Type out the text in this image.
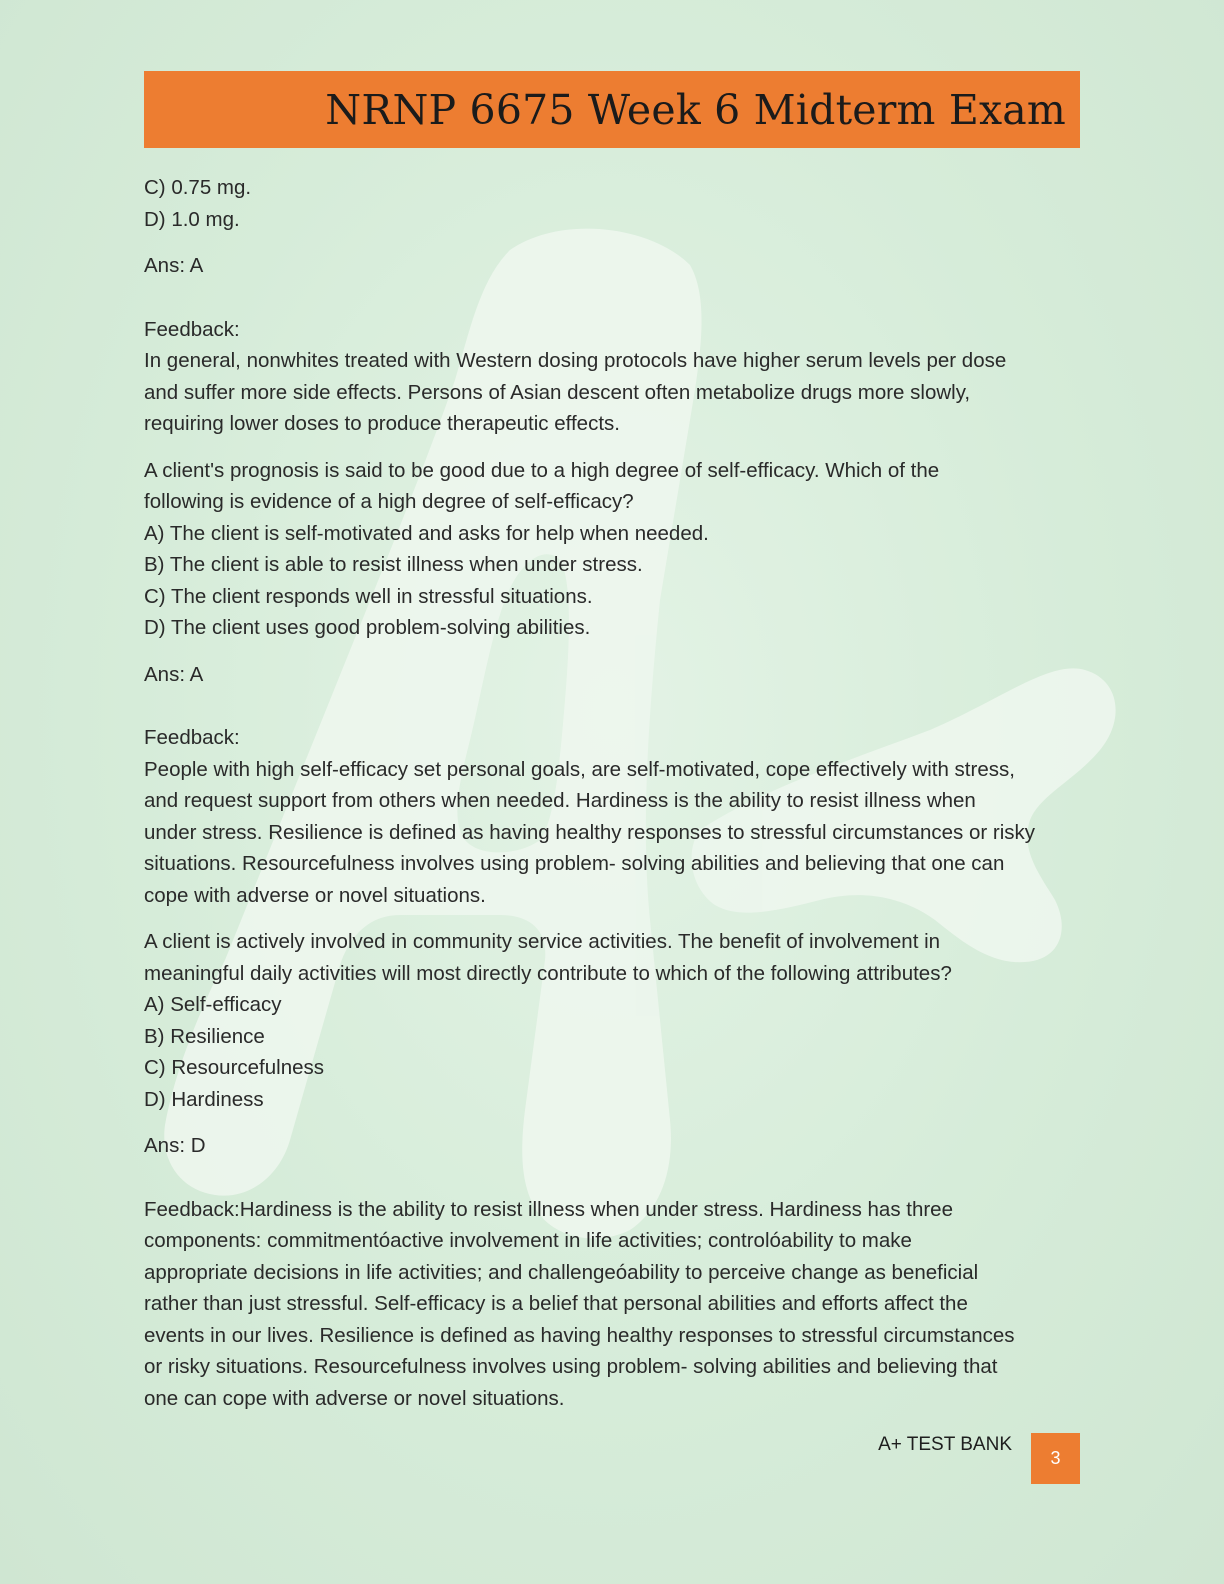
NRNP 6675 Week 6 Midterm Exam

C) 0.75 mg.

D) 1.0 mg.

Ans: A

Feedback:

In general, nonwhites treated with Western dosing protocols have higher serum levels per dose

and suffer more side effects. Persons of Asian descent often metabolize drugs more slowly,

requiring lower doses to produce therapeutic effects.

A client's prognosis is said to be good due to a high degree of self-efficacy. Which of the

following is evidence of a high degree of self-efficacy?

A) The client is self-motivated and asks for help when needed.

B) The client is able to resist illness when under stress.

C) The client responds well in stressful situations.

D) The client uses good problem-solving abilities.

Ans: A

Feedback:

People with high self-efficacy set personal goals, are self-motivated, cope effectively with stress,

and request support from others when needed. Hardiness is the ability to resist illness when

under stress. Resilience is defined as having healthy responses to stressful circumstances or risky

situations. Resourcefulness involves using problem- solving abilities and believing that one can

cope with adverse or novel situations.

A client is actively involved in community service activities. The benefit of involvement in

meaningful daily activities will most directly contribute to which of the following attributes?

A) Self-efficacy

B) Resilience

C) Resourcefulness

D) Hardiness

Ans: D

Feedback:Hardiness is the ability to resist illness when under stress. Hardiness has three

components: commitmentóactive involvement in life activities; controlóability to make

appropriate decisions in life activities; and challengeóability to perceive change as beneficial

rather than just stressful. Self-efficacy is a belief that personal abilities and efforts affect the

events in our lives. Resilience is defined as having healthy responses to stressful circumstances

or risky situations. Resourcefulness involves using problem- solving abilities and believing that

one can cope with adverse or novel situations.

A+ TEST BANK
3
